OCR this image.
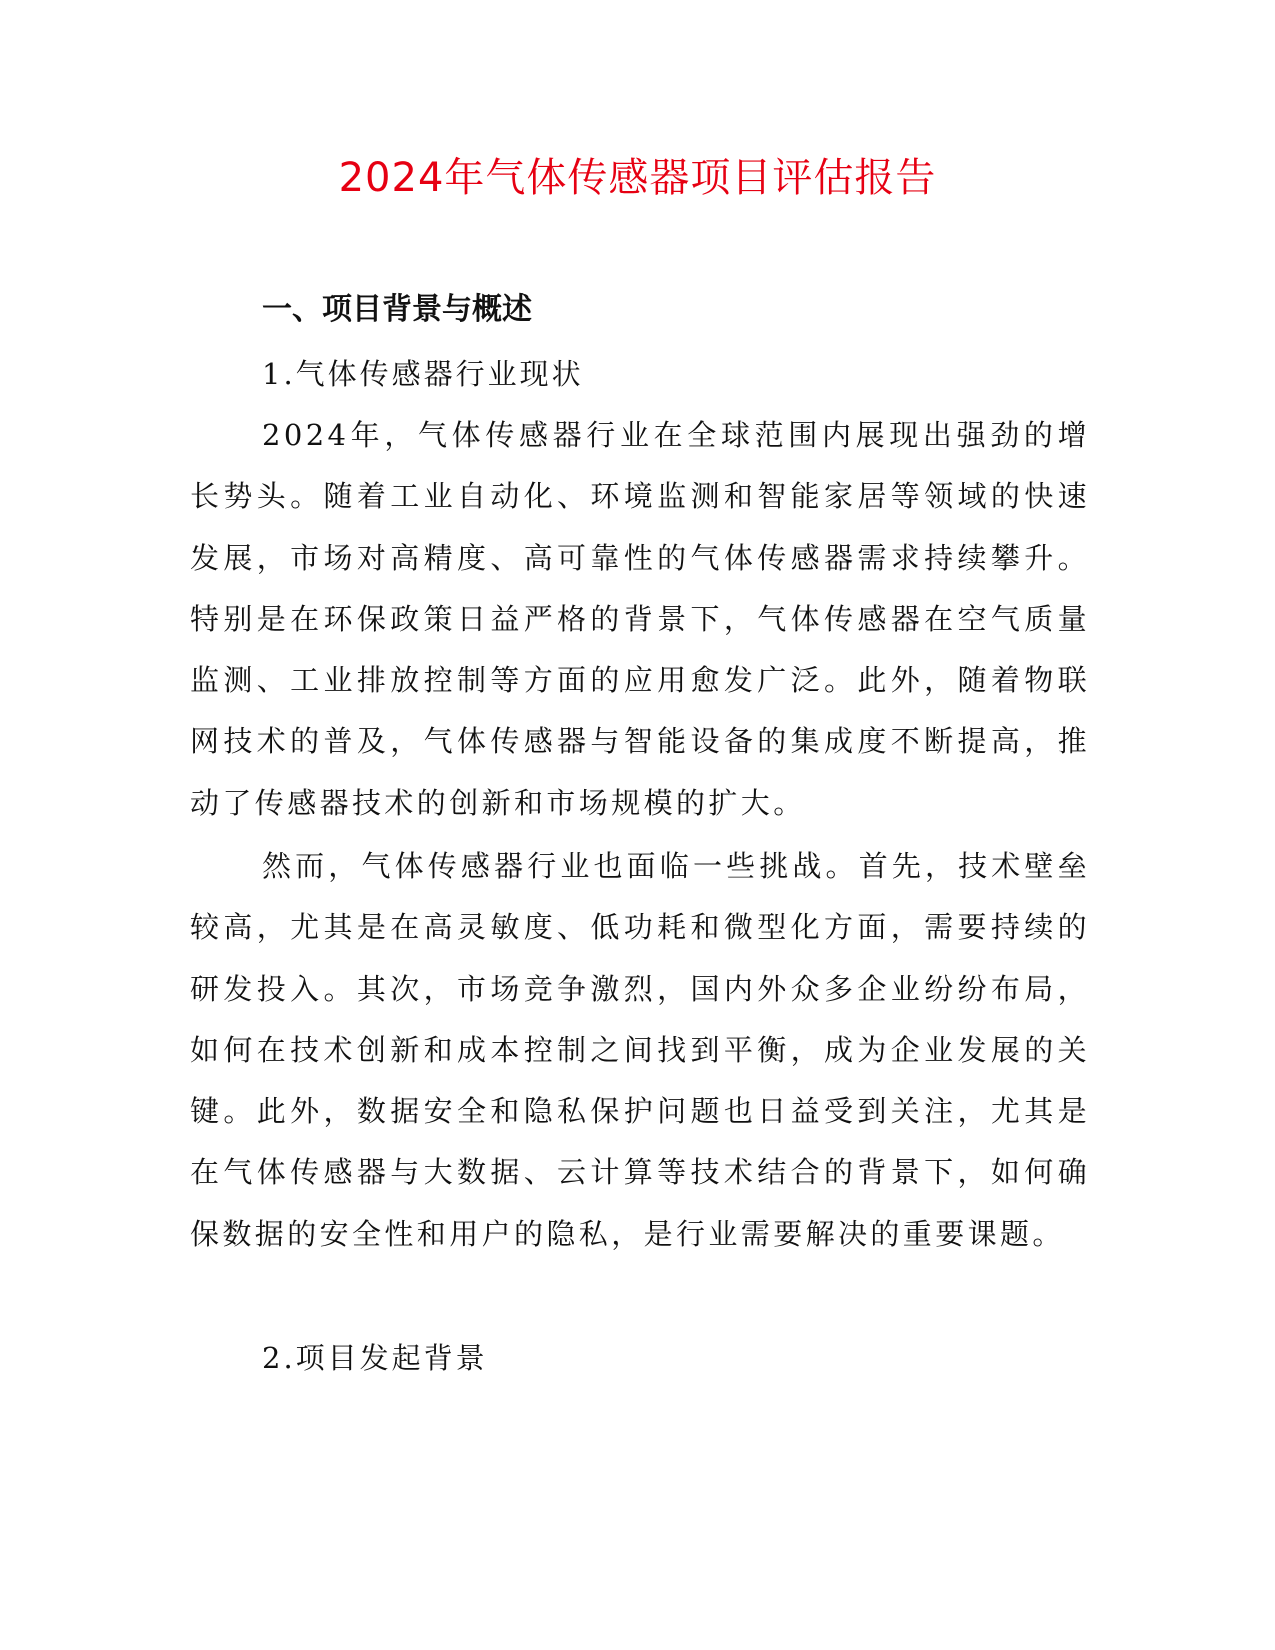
2024年气体传感器项目评估报告
一、项目背景与概述
1.气体传感器行业现状

2024年，气体传感器行业在全球范围内展现出强劲的增长势头。随着工业自动化、环境监测和智能家居等领域的快速发展，市场对高精度、高可靠性的气体传感器需求持续攀升。特别是在环保政策日益严格的背景下，气体传感器在空气质量监测、工业排放控制等方面的应用愈发广泛。此外，随着物联网技术的普及，气体传感器与智能设备的集成度不断提高，推动了传感器技术的创新和市场规模的扩大。

然而，气体传感器行业也面临一些挑战。首先，技术壁垒较高，尤其是在高灵敏度、低功耗和微型化方面，需要持续的研发投入。其次，市场竞争激烈，国内外众多企业纷纷布局，如何在技术创新和成本控制之间找到平衡，成为企业发展的关键。此外，数据安全和隐私保护问题也日益受到关注，尤其是在气体传感器与大数据、云计算等技术结合的背景下，如何确保数据的安全性和用户的隐私，是行业需要解决的重要课题。

2.项目发起背景
